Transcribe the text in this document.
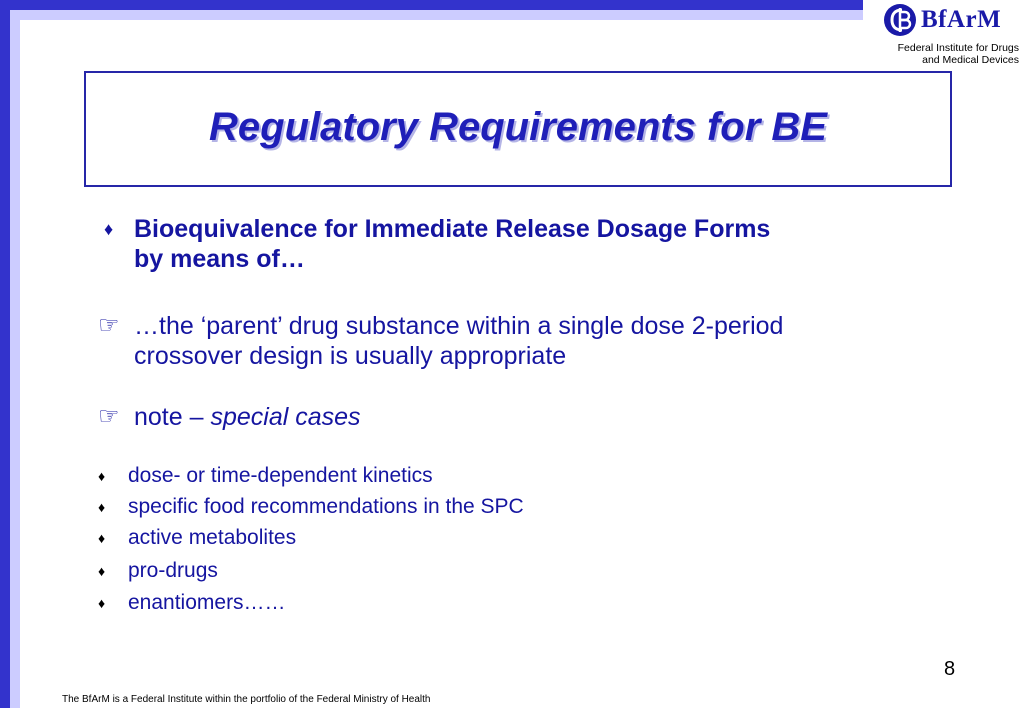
BfArM
Federal Institute for Drugs
and Medical Devices
Regulatory Requirements for BE
♦ Bioequivalence for Immediate Release Dosage Forms
by means of…
☞ …the ‘parent’ drug substance within a single dose 2-period
crossover design is usually appropriate
☞ note – special cases
♦	dose- or time-dependent kinetics
♦	specific food recommendations in the SPC
♦	active metabolites
♦	pro-drugs
♦	enantiomers……
8
The BfArM is a Federal Institute within the portfolio of the Federal Ministry of Health
